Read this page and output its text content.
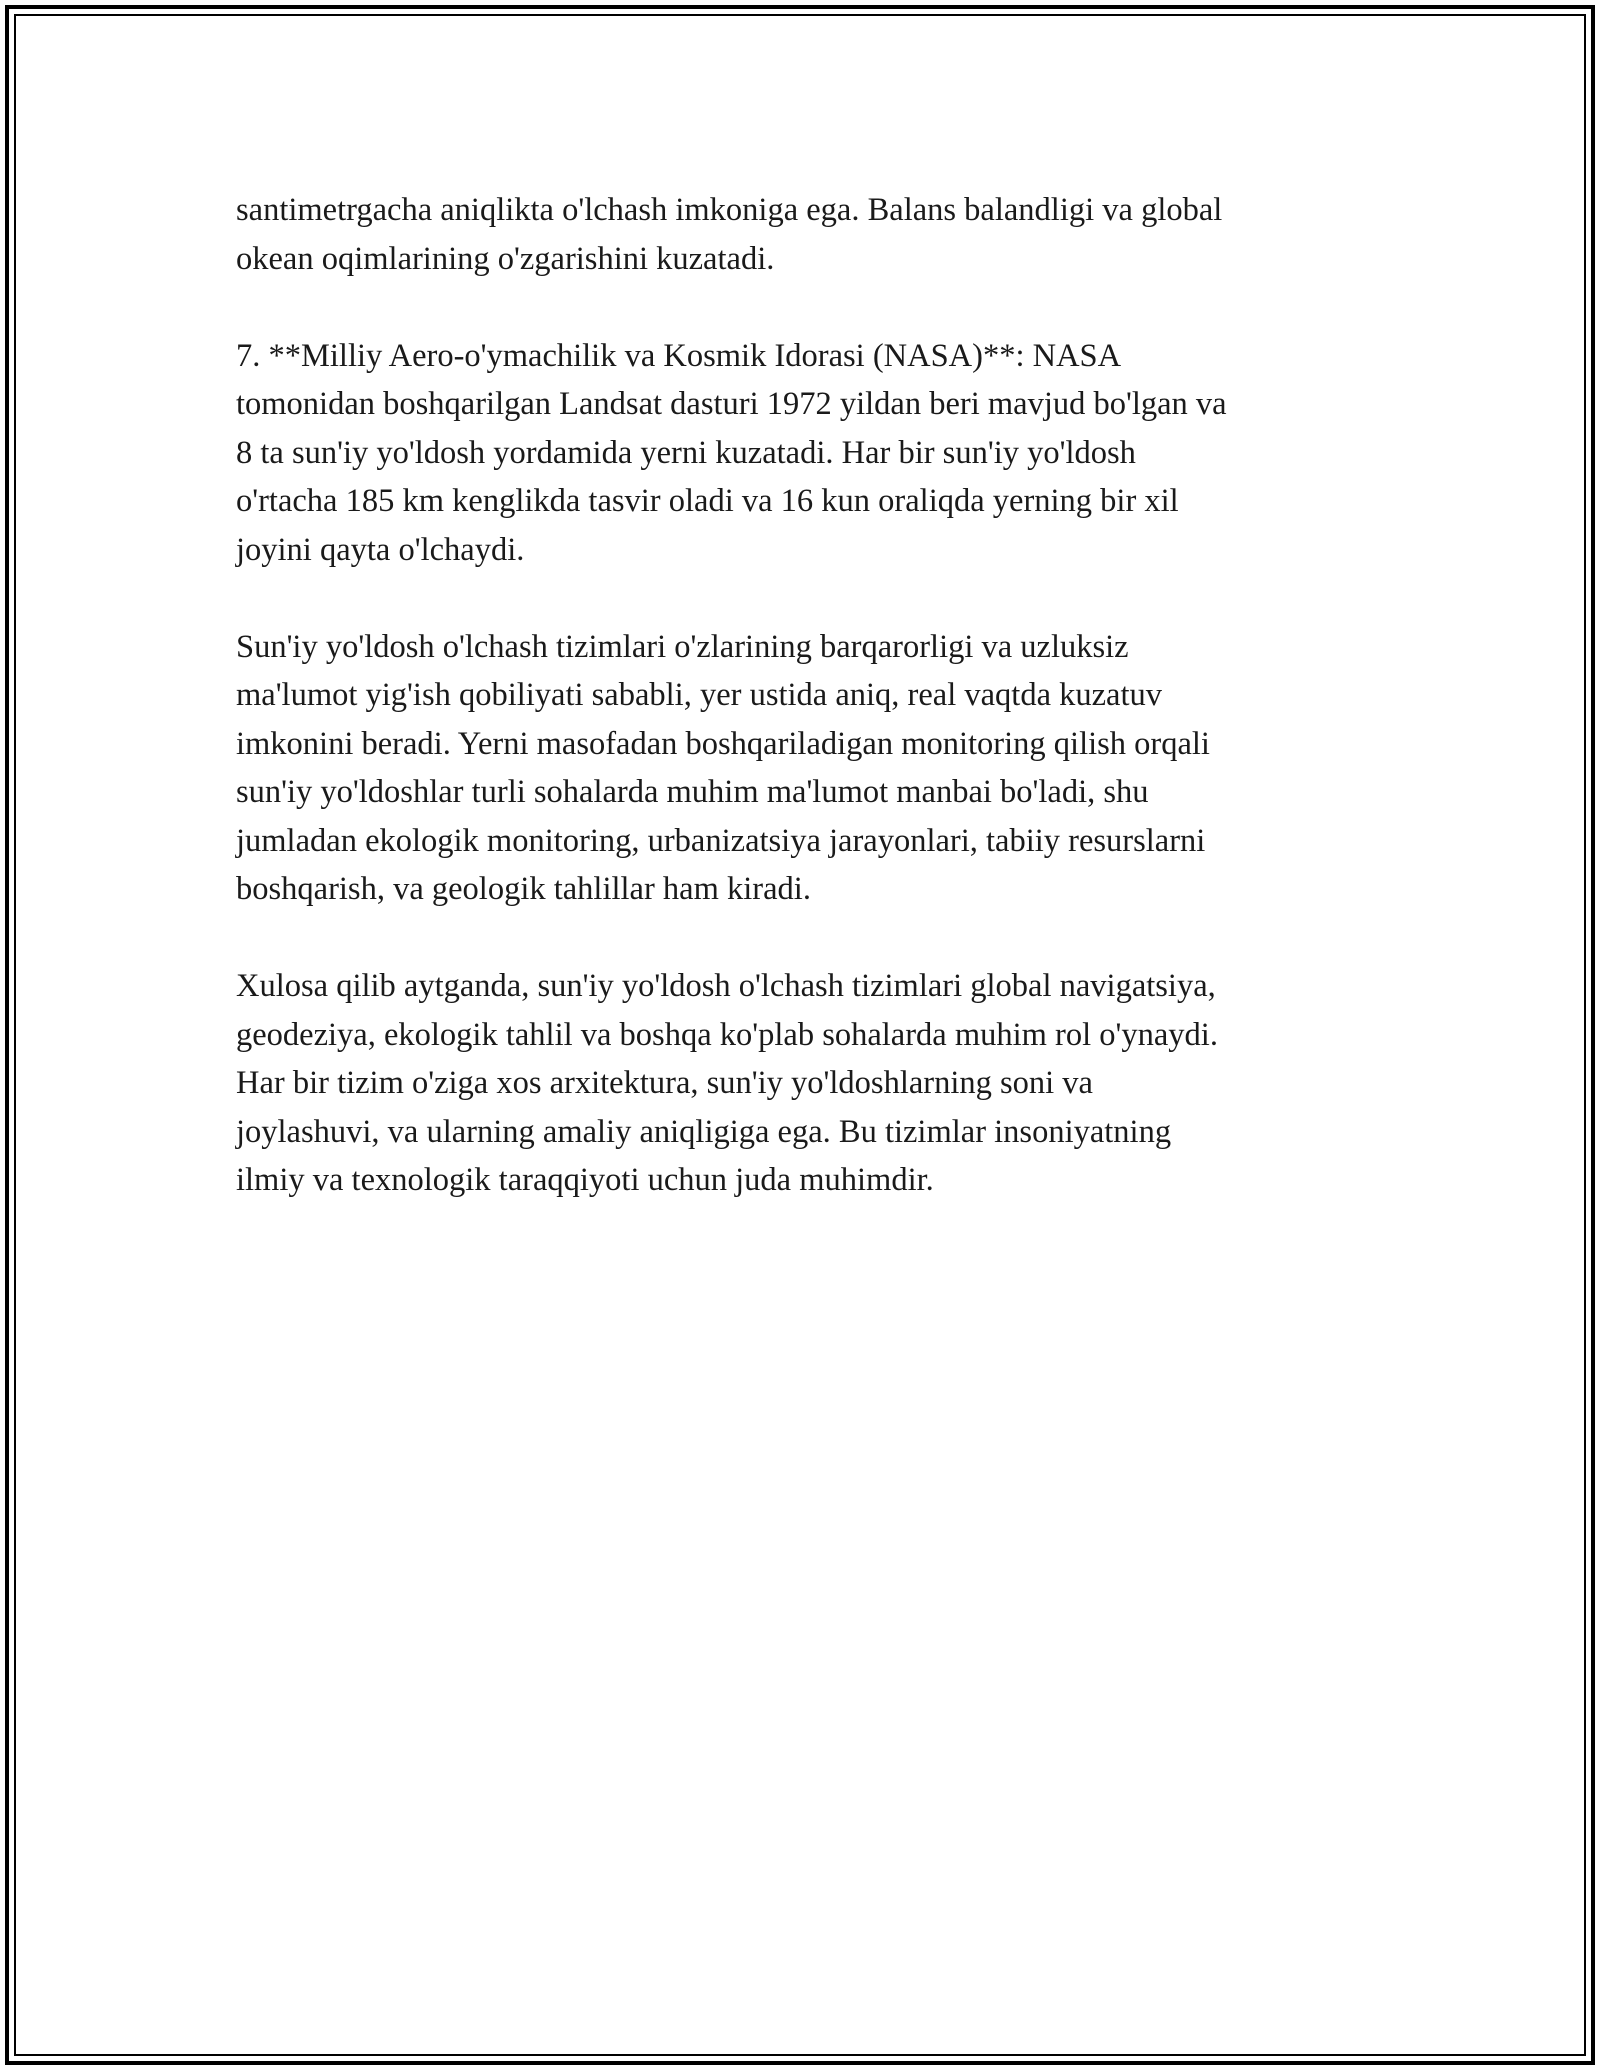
santimetrgacha aniqlikta o'lchash imkoniga ega. Balans balandligi va global
okean oqimlarining o'zgarishini kuzatadi.

7. **Milliy Aero-o'ymachilik va Kosmik Idorasi (NASA)**: NASA
tomonidan boshqarilgan Landsat dasturi 1972 yildan beri mavjud bo'lgan va
8 ta sun'iy yo'ldosh yordamida yerni kuzatadi. Har bir sun'iy yo'ldosh
o'rtacha 185 km kenglikda tasvir oladi va 16 kun oraliqda yerning bir xil
joyini qayta o'lchaydi.

Sun'iy yo'ldosh o'lchash tizimlari o'zlarining barqarorligi va uzluksiz
ma'lumot yig'ish qobiliyati sababli, yer ustida aniq, real vaqtda kuzatuv
imkonini beradi. Yerni masofadan boshqariladigan monitoring qilish orqali
sun'iy yo'ldoshlar turli sohalarda muhim ma'lumot manbai bo'ladi, shu
jumladan ekologik monitoring, urbanizatsiya jarayonlari, tabiiy resurslarni
boshqarish, va geologik tahlillar ham kiradi.

Xulosa qilib aytganda, sun'iy yo'ldosh o'lchash tizimlari global navigatsiya,
geodeziya, ekologik tahlil va boshqa ko'plab sohalarda muhim rol o'ynaydi.
Har bir tizim o'ziga xos arxitektura, sun'iy yo'ldoshlarning soni va
joylashuvi, va ularning amaliy aniqligiga ega. Bu tizimlar insoniyatning
ilmiy va texnologik taraqqiyoti uchun juda muhimdir.
